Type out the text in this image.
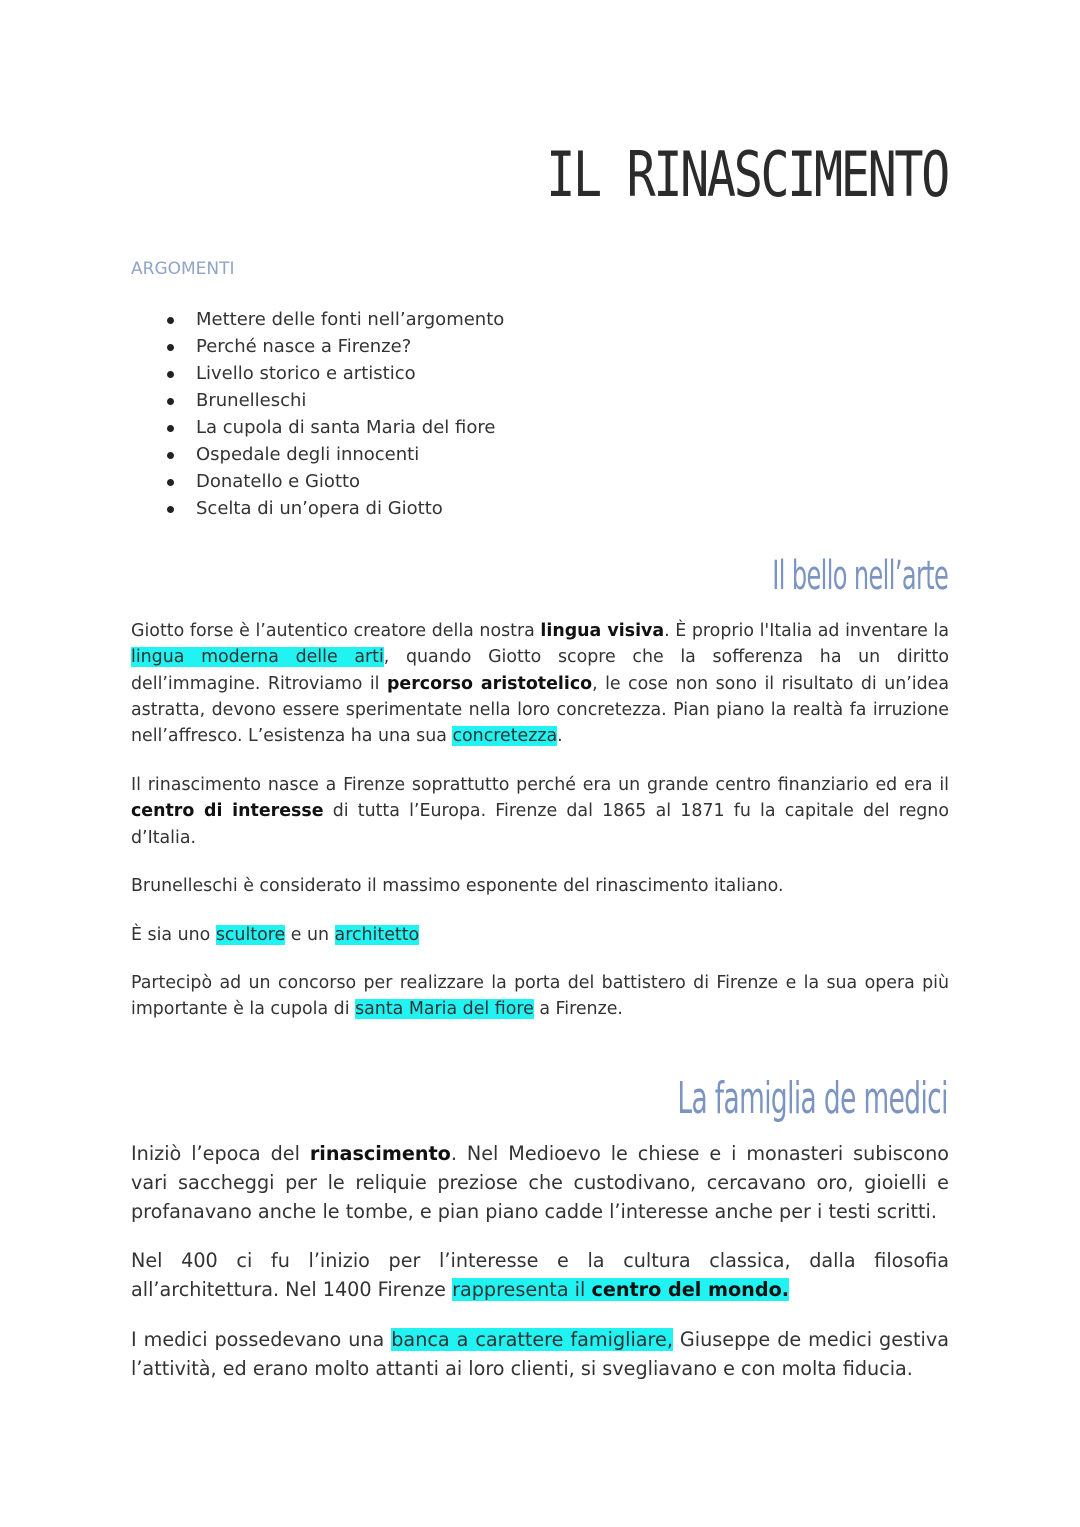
IL RINASCIMENTO

ARGOMENTI

Mettere delle fonti nell’argomento
Perché nasce a Firenze?
Livello storico e artistico
Brunelleschi
La cupola di santa Maria del fiore
Ospedale degli innocenti
Donatello e Giotto
Scelta di un’opera di Giotto
Il bello nell’arte

Giotto forse è l’autentico creatore della nostra lingua visiva. È proprio l'Italia ad inventare la lingua moderna delle arti, quando Giotto scopre che la sofferenza ha un diritto dell’immagine. Ritroviamo il percorso aristotelico, le cose non sono il risultato di un’idea astratta, devono essere sperimentate nella loro concretezza. Pian piano la realtà fa irruzione nell’affresco. L’esistenza ha una sua concretezza.

Il rinascimento nasce a Firenze soprattutto perché era un grande centro finanziario ed era il centro di interesse di tutta l’Europa. Firenze dal 1865 al 1871 fu la capitale del regno d’Italia.

Brunelleschi è considerato il massimo esponente del rinascimento italiano.

È sia uno scultore e un architetto

Partecipò ad un concorso per realizzare la porta del battistero di Firenze e la sua opera più importante è la cupola di santa Maria del fiore a Firenze.

La famiglia de medici

Iniziò l’epoca del rinascimento. Nel Medioevo le chiese e i monasteri subiscono vari saccheggi per le reliquie preziose che custodivano, cercavano oro, gioielli e profanavano anche le tombe, e pian piano cadde l’interesse anche per i testi scritti.

Nel 400 ci fu l’inizio per l’interesse e la cultura classica, dalla filosofia all’architettura. Nel 1400 Firenze rappresenta il centro del mondo.

I medici possedevano una banca a carattere famigliare, Giuseppe de medici gestiva l’attività, ed erano molto attanti ai loro clienti, si svegliavano e con molta fiducia.
